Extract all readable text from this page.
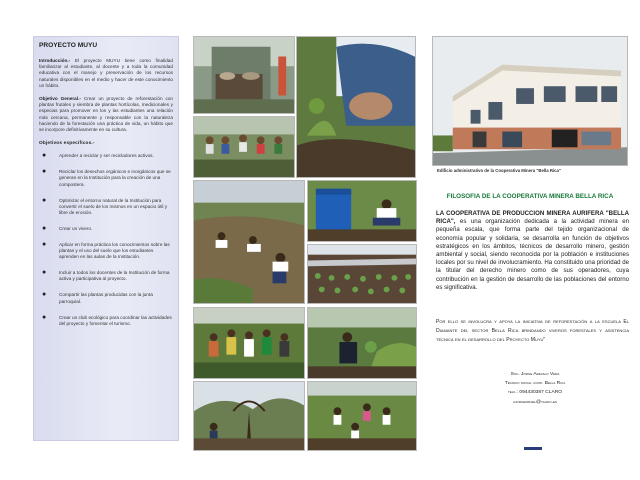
PROYECTO MUYU

Introducción.- El proyecto MUYU tiene como finalidad familiarizar al estudiante, al docente y a toda la comunidad educativa con el manejo y preservación de los recursos naturales disponibles en el medio y hacer de este conocimiento un hábito.

Objetivo General.- Crear un proyecto de reforestación con plantas frutales y siembra de plantas hortícolas, medicionales y especias para promover en los y las estudiantes una relación más cercana, permanente y responsable con la naturaleza haciendo de la forestación una práctica de vida, un hábito que se incorpore definitivamente en su cultura.

Objetivos específicos.-
●	Aprender a reciclar y ser recicladores activos.
●	Reciclar los desechos orgánicos e inorgánicos que se generan en la Institución para la creación de una compostera.
●	Optimizar el entorno natural de la Institución para convertir el suelo de los mismos en un espacio útil y libre de erosión.
●	Crear un vivero.
●	Aplicar en forma práctica los conocimientos sobre las plantas y el uso del suelo que los estudiantes aprenden en las aulas de la Institución.
●	Incluir a todos los docentes de la Institución de forma activa y participativa al proyecto.
●	Compartir las plantas producidas con la junta parroquial.
●	Crear un club ecológico para coordinar las actividades del proyecto y fomentar el turismo.
Edificio administrativo de la Cooperativa Minera "Bella Rica"
FILOSOFIA DE LA COOPERATIVA MINERA BELLA RICA

LA COOPERATIVA DE PRODUCCION MINERA AURIFERA "BELLA RICA", es una organización dedicada a la actividad minera en pequeña escala, que forma parte del tejido organizacional de economía popular y solidaria, se desarrolla en función de objetivos estratégicos en los ámbitos, técnicos de desarrollo minero, gestión ambiental y social, siendo reconocida por la población e instituciones locales por su nivel de involucramiento. Ha constituido una prioridad de la titular del derecho minero como de sus operadores, cuya contribución en la gestión de desarrollo de las poblaciones del entorno es significativa.

Por ello se involucra y apoya la iniciativa de reforestación a la escuela El Diamante del sector Bella Rica brindando viveros forestales y asistencia técnica en el desarrollo del Proyecto Muyu"

Soc. Jorge Arevalo Vera
Técnico social coop. Bella Rica
telf.: 094430387 CLARO
ajorgeisrael@yahoo.es
